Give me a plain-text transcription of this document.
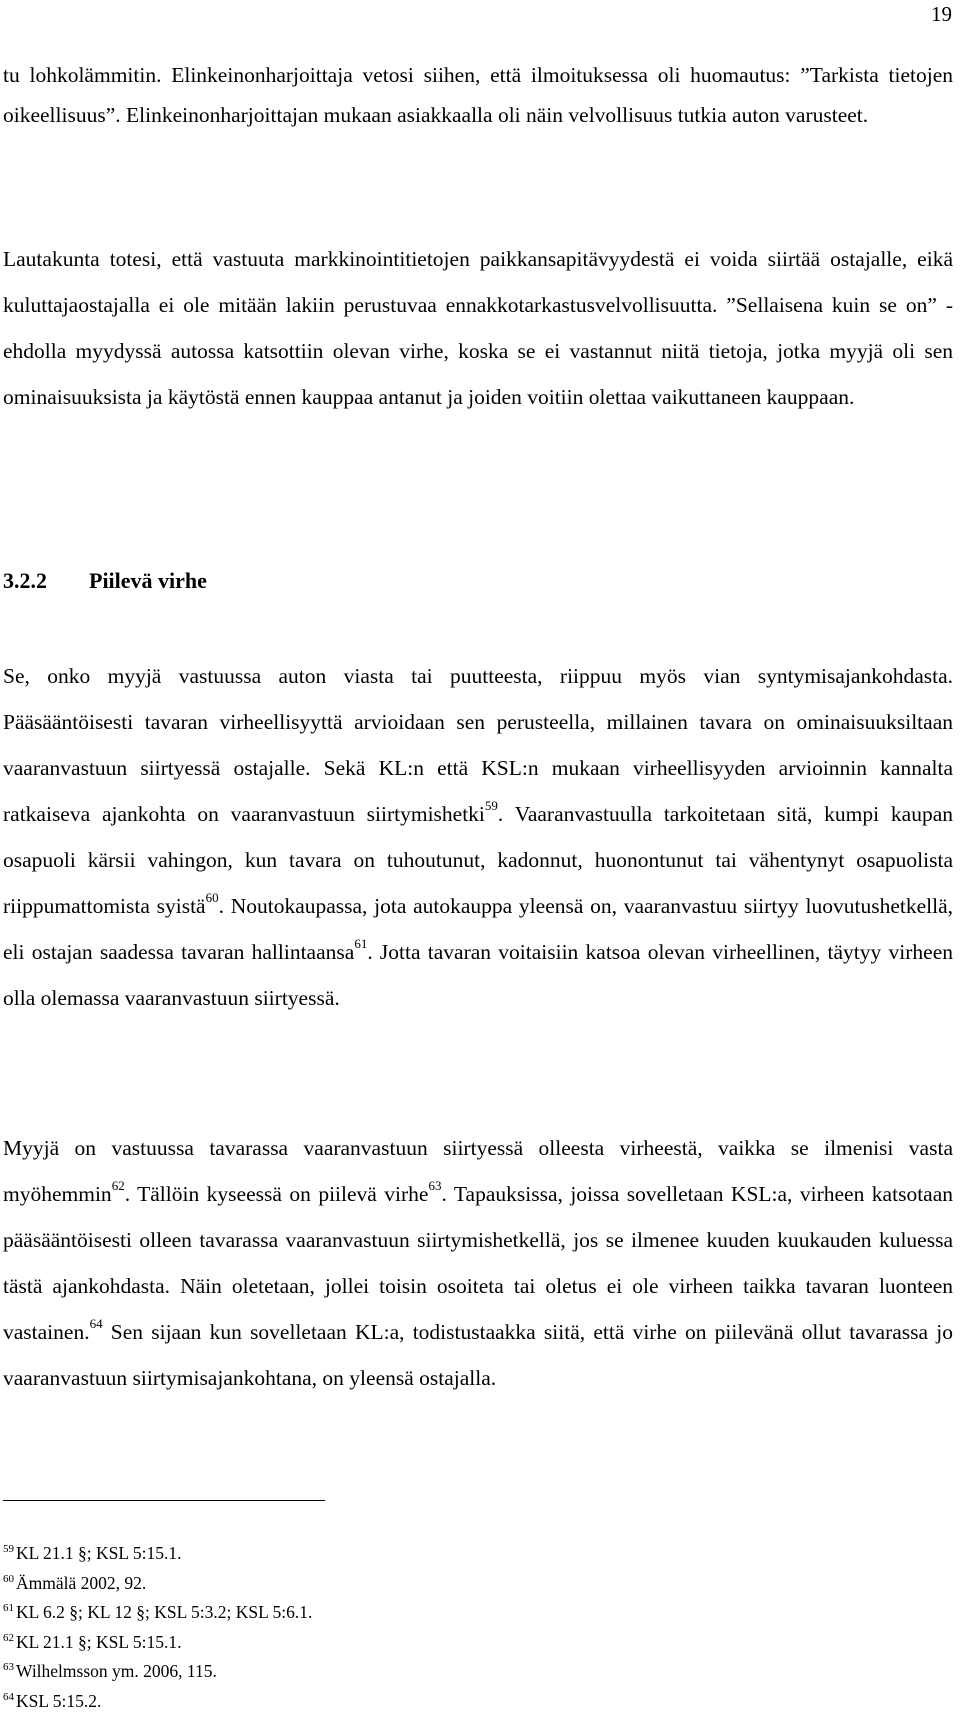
19

tu lohkolämmitin. Elinkeinonharjoittaja vetosi siihen, että ilmoituksessa oli huomautus: ”Tarkista tietojen oikeellisuus”. Elinkeinonharjoittajan mukaan asiakkaalla oli näin velvollisuus tutkia auton varusteet.

Lautakunta totesi, että vastuuta markkinointitietojen paikkansapitävyydestä ei voida siirtää ostajalle, eikä kuluttajaostajalla ei ole mitään lakiin perustuvaa ennakkotarkastusvelvollisuutta. ”Sellaisena kuin se on” -ehdolla myydyssä autossa katsottiin olevan virhe, koska se ei vastannut niitä tietoja, jotka myyjä oli sen ominaisuuksista ja käytöstä ennen kauppaa antanut ja joiden voitiin olettaa vaikuttaneen kauppaan.

3.2.2 Piilevä virhe

Se, onko myyjä vastuussa auton viasta tai puutteesta, riippuu myös vian syntymisajankohdasta. Pääsääntöisesti tavaran virheellisyyttä arvioidaan sen perusteella, millainen tavara on ominaisuuksiltaan vaaranvastuun siirtyessä ostajalle. Sekä KL:n että KSL:n mukaan virheellisyyden arvioinnin kannalta ratkaiseva ajankohta on vaaranvastuun siirtymishetki$^{59}$. Vaaranvastuulla tarkoitetaan sitä, kumpi kaupan osapuoli kärsii vahingon, kun tavara on tuhoutunut, kadonnut, huonontunut tai vähentynyt osapuolista riippumattomista syistä$^{60}$. Noutokaupassa, jota autokauppa yleensä on, vaaranvastuu siirtyy luovutushetkellä, eli ostajan saadessa tavaran hallintaansa$^{61}$. Jotta tavaran voitaisiin katsoa olevan virheellinen, täytyy virheen olla olemassa vaaranvastuun siirtyessä.

Myyjä on vastuussa tavarassa vaaranvastuun siirtyessä olleesta virheestä, vaikka se ilmenisi vasta myöhemmin$^{62}$. Tällöin kyseessä on piilevä virhe$^{63}$. Tapauksissa, joissa sovelletaan KSL:a, virheen katsotaan pääsääntöisesti olleen tavarassa vaaranvastuun siirtymishetkellä, jos se ilmenee kuuden kuukauden kuluessa tästä ajankohdasta. Näin oletetaan, jollei toisin osoiteta tai oletus ei ole virheen taikka tavaran luonteen vastainen.$^{64}$ Sen sijaan kun sovelletaan KL:a, todistustaakka siitä, että virhe on piilevänä ollut tavarassa jo vaaranvastuun siirtymisajankohtana, on yleensä ostajalla.

$^{59}$ KL 21.1 §; KSL 5:15.1.
$^{60}$ Ämmälä 2002, 92.
$^{61}$ KL 6.2 §; KL 12 §; KSL 5:3.2; KSL 5:6.1.
$^{62}$ KL 21.1 §; KSL 5:15.1.
$^{63}$ Wilhelmsson ym. 2006, 115.
$^{64}$ KSL 5:15.2.
